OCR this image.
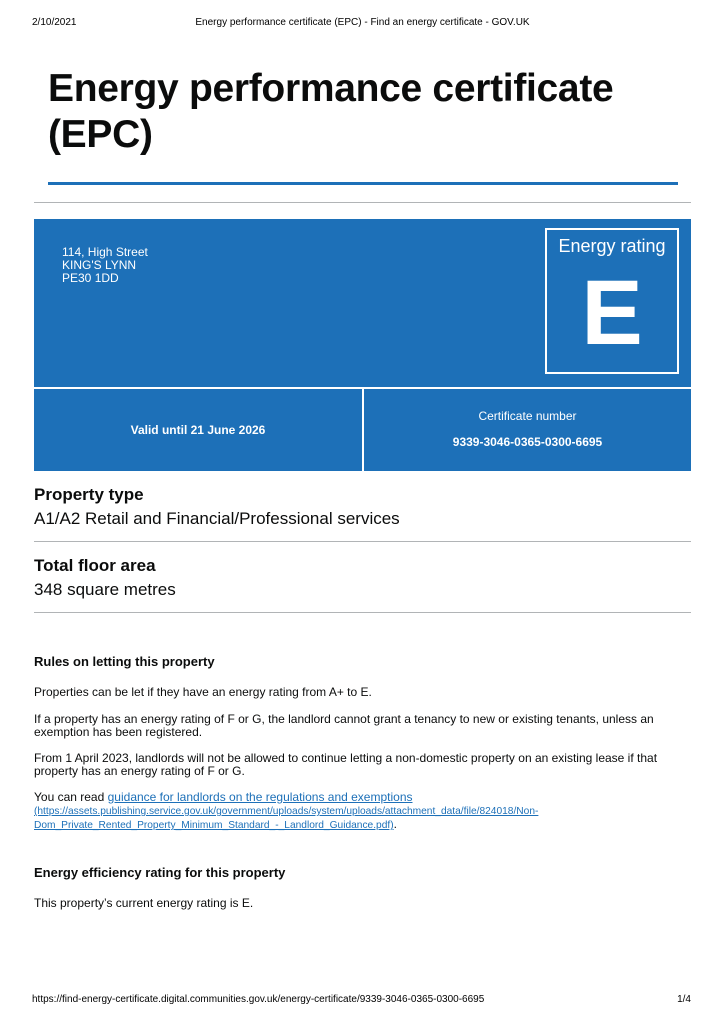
2/10/2021	Energy performance certificate (EPC) - Find an energy certificate - GOV.UK
Energy performance certificate (EPC)
114, High Street
KING'S LYNN
PE30 1DD
Energy rating
E
Valid until 21 June 2026
Certificate number
9339-3046-0365-0300-6695
Property type
A1/A2 Retail and Financial/Professional services
Total floor area
348 square metres
Rules on letting this property

Properties can be let if they have an energy rating from A+ to E.

If a property has an energy rating of F or G, the landlord cannot grant a tenancy to new or existing tenants, unless an exemption has been registered.

From 1 April 2023, landlords will not be allowed to continue letting a non-domestic property on an existing lease if that property has an energy rating of F or G.

You can read guidance for landlords on the regulations and exemptions
(https://assets.publishing.service.gov.uk/government/uploads/system/uploads/attachment_data/file/824018/Non-Dom_Private_Rented_Property_Minimum_Standard_-_Landlord_Guidance.pdf).

Energy efficiency rating for this property

This property’s current energy rating is E.

https://find-energy-certificate.digital.communities.gov.uk/energy-certificate/9339-3046-0365-0300-6695	1/4
